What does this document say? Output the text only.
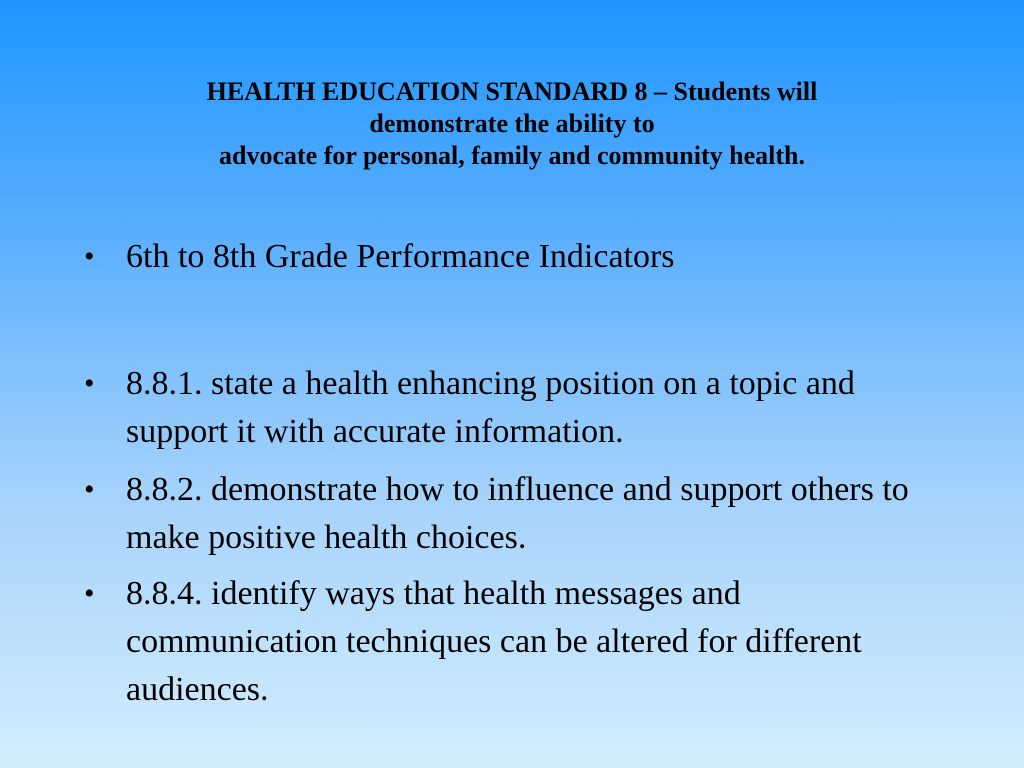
HEALTH EDUCATION STANDARD 8 – Students will
demonstrate the ability to
advocate for personal, family and community health.
• 6th to 8th Grade Performance Indicators
• 8.8.1. state a health enhancing position on a topic and support it with accurate information.
• 8.8.2. demonstrate how to influence and support others to make positive health choices.
• 8.8.4. identify ways that health messages and communication techniques can be altered for different audiences.
